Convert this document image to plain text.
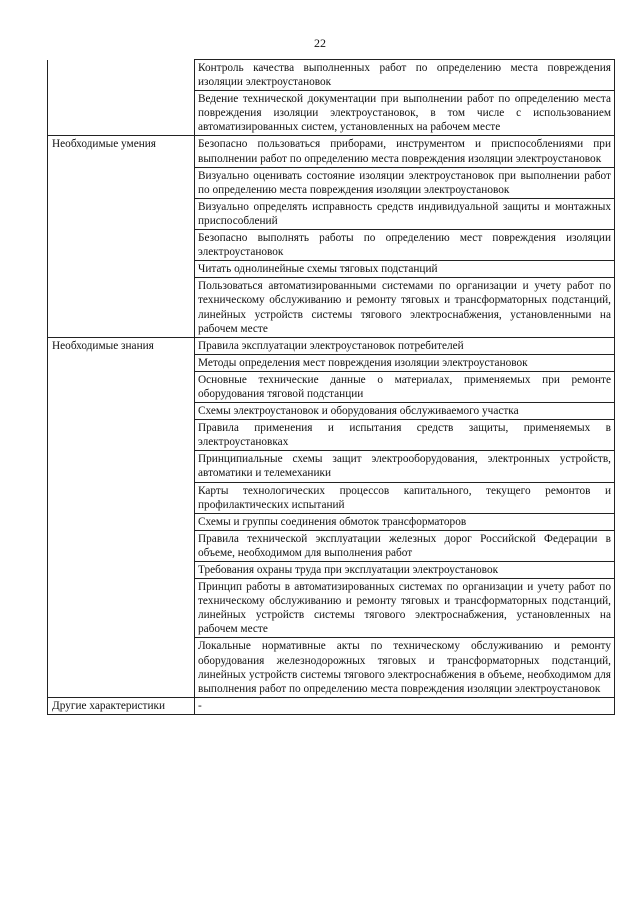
22
	Контроль качества выполненных работ по определению места повреждения изоляции электроустановок
	Ведение технической документации при выполнении работ по определению места повреждения изоляции электроустановок, в том числе с использованием автоматизированных систем, установленных на рабочем месте
Необходимые умения	Безопасно пользоваться приборами, инструментом и приспособлениями при выполнении работ по определению места повреждения изоляции электроустановок
	Визуально оценивать состояние изоляции электроустановок при выполнении работ по определению места повреждения изоляции электроустановок
	Визуально определять исправность средств индивидуальной защиты и монтажных приспособлений
	Безопасно выполнять работы по определению мест повреждения изоляции электроустановок
	Читать однолинейные схемы тяговых подстанций
	Пользоваться автоматизированными системами по организации и учету работ по техническому обслуживанию и ремонту тяговых и трансформаторных подстанций, линейных устройств системы тягового электроснабжения, установленными на рабочем месте
Необходимые знания	Правила эксплуатации электроустановок потребителей
	Методы определения мест повреждения изоляции электроустановок
	Основные технические данные о материалах, применяемых при ремонте оборудования тяговой подстанции
	Схемы электроустановок и оборудования обслуживаемого участка
	Правила применения и испытания средств защиты, применяемых в электроустановках
	Принципиальные схемы защит электрооборудования, электронных устройств, автоматики и телемеханики
	Карты технологических процессов капитального, текущего ремонтов и профилактических испытаний
	Схемы и группы соединения обмоток трансформаторов
	Правила технической эксплуатации железных дорог Российской Федерации в объеме, необходимом для выполнения работ
	Требования охраны труда при эксплуатации электроустановок
	Принцип работы в автоматизированных системах по организации и учету работ по техническому обслуживанию и ремонту тяговых и трансформаторных подстанций, линейных устройств системы тягового электроснабжения, установленных на рабочем месте
	Локальные нормативные акты по техническому обслуживанию и ремонту оборудования железнодорожных тяговых и трансформаторных подстанций, линейных устройств системы тягового электроснабжения в объеме, необходимом для выполнения работ по определению места повреждения изоляции электроустановок
Другие характеристики	-
